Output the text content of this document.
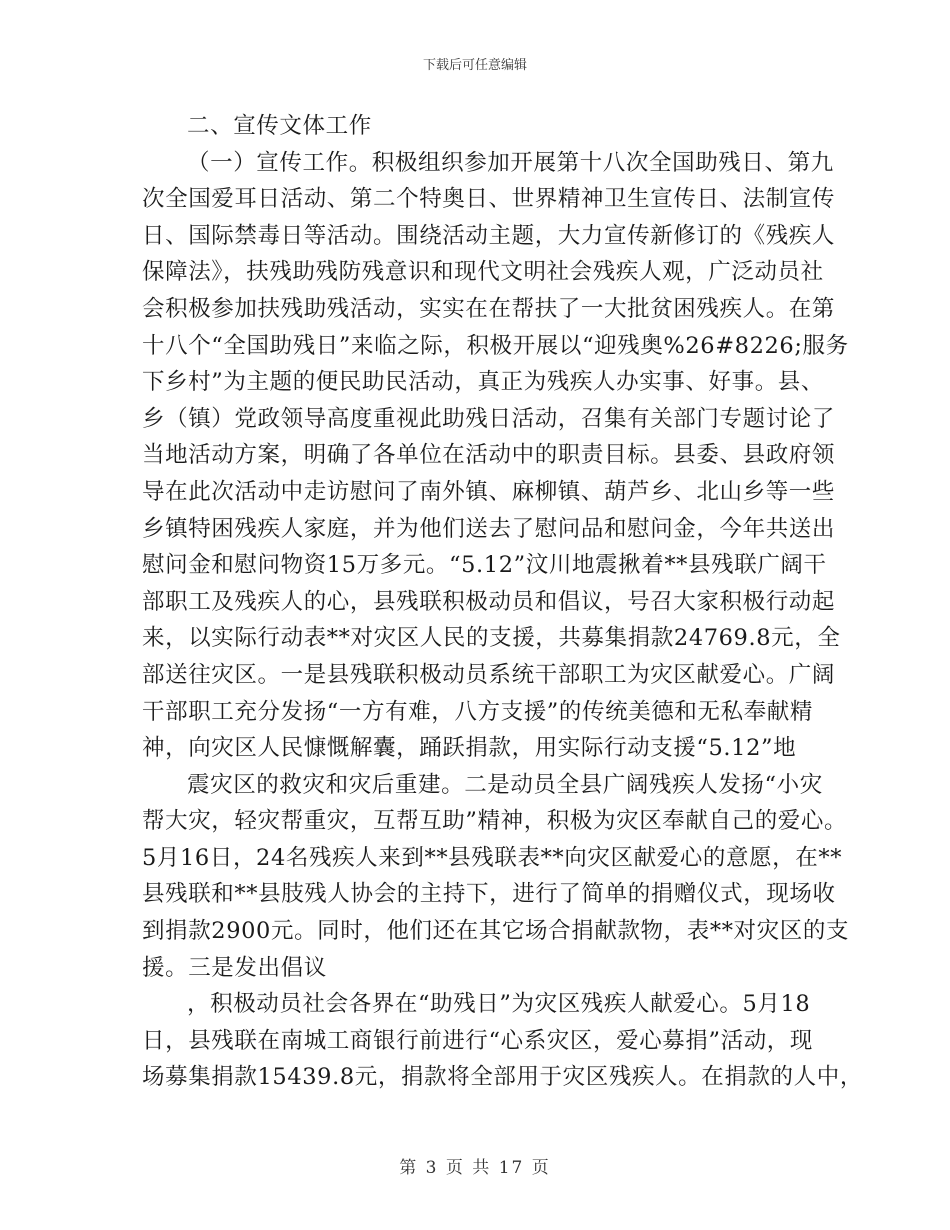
下载后可任意编辑
二、宣传文体工作
（一）宣传工作。积极组织参加开展第十八次全国助残日、第九
次全国爱耳日活动、第二个特奥日、世界精神卫生宣传日、法制宣传
日、国际禁毒日等活动。围绕活动主题，大力宣传新修订的《残疾人
保障法》，扶残助残防残意识和现代文明社会残疾人观，广泛动员社
会积极参加扶残助残活动，实实在在帮扶了一大批贫困残疾人。在第
十八个“全国助残日”来临之际，积极开展以“迎残奥%26#8226;服务
下乡村”为主题的便民助民活动，真正为残疾人办实事、好事。县、
乡（镇）党政领导高度重视此助残日活动，召集有关部门专题讨论了
当地活动方案，明确了各单位在活动中的职责目标。县委、县政府领
导在此次活动中走访慰问了南外镇、麻柳镇、葫芦乡、北山乡等一些
乡镇特困残疾人家庭，并为他们送去了慰问品和慰问金，今年共送出
慰问金和慰问物资15万多元。“5.12”汶川地震揪着**县残联广阔干
部职工及残疾人的心，县残联积极动员和倡议，号召大家积极行动起
来，以实际行动表**对灾区人民的支援，共募集捐款24769.8元，全
部送往灾区。一是县残联积极动员系统干部职工为灾区献爱心。广阔
干部职工充分发扬“一方有难，八方支援”的传统美德和无私奉献精
神，向灾区人民慷慨解囊，踊跃捐款，用实际行动支援“5.12”地
震灾区的救灾和灾后重建。二是动员全县广阔残疾人发扬“小灾
帮大灾，轻灾帮重灾，互帮互助”精神，积极为灾区奉献自己的爱心。
5月16日，24名残疾人来到**县残联表**向灾区献爱心的意愿，在**
县残联和**县肢残人协会的主持下，进行了简单的捐赠仪式，现场收
到捐款2900元。同时，他们还在其它场合捐献款物，表**对灾区的支
援。三是发出倡议
，积极动员社会各界在“助残日”为灾区残疾人献爱心。5月18
日，县残联在南城工商银行前进行“心系灾区，爱心募捐”活动，现
场募集捐款15439.8元，捐款将全部用于灾区残疾人。在捐款的人中，
第 3 页 共 17 页
